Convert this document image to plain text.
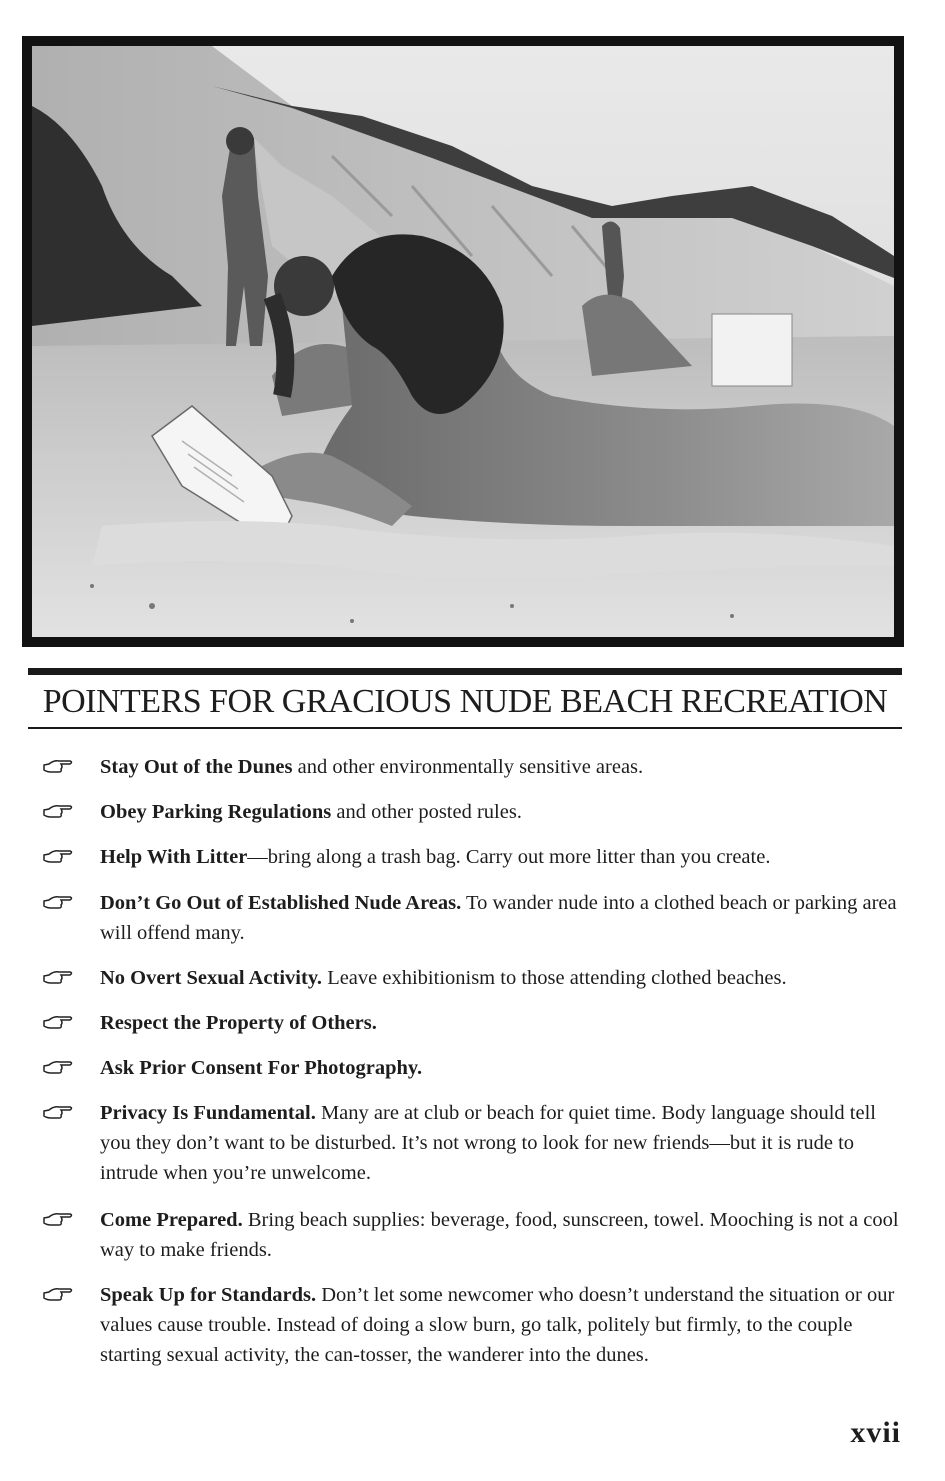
POINTERS FOR GRACIOUS NUDE BEACH RECREATION
Stay Out of the Dunes and other environmentally sensitive areas.
Obey Parking Regulations and other posted rules.
Help With Litter—bring along a trash bag. Carry out more litter than you create.
Don’t Go Out of Established Nude Areas. To wander nude into a clothed beach or parking area will offend many.
No Overt Sexual Activity. Leave exhibitionism to those attending clothed beaches.
Respect the Property of Others.
Ask Prior Consent For Photography.
Privacy Is Fundamental. Many are at club or beach for quiet time. Body language should tell you they don’t want to be disturbed. It’s not wrong to look for new friends—but it is rude to intrude when you’re unwelcome.
Come Prepared. Bring beach supplies: beverage, food, sunscreen, towel. Mooching is not a cool way to make friends.
Speak Up for Standards. Don’t let some newcomer who doesn’t understand the situation or our values cause trouble. Instead of doing a slow burn, go talk, politely but firmly, to the couple starting sexual activity, the can-tosser, the wanderer into the dunes.
xvii
